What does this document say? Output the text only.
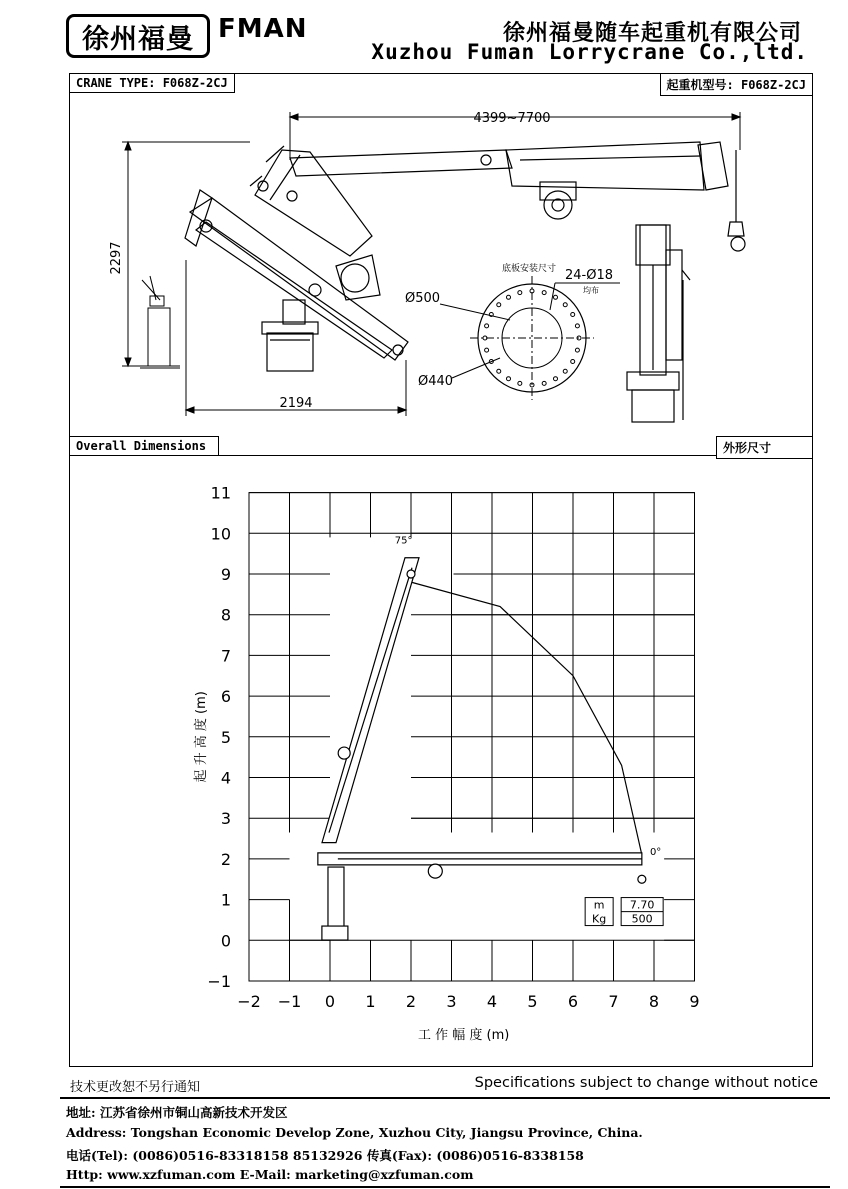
徐州福曼 FMAN	徐州福曼随车起重机有限公司
Xuzhou Fuman Lorrycrane Co.,ltd.
CRANE TYPE: F068Z-2CJ	起重机型号: F068Z-2CJ
Overall Dimensions	外形尺寸
4399~7700
2297
2194
底板安装尺寸 24-Ø18
均布
Ø500
Ø440
−2 −1 0 1 2 3 4 5 6 7 8 9
−1
0
1
2
3
4
5
6
7
8
9
10
11
工 作 幅 度 (m)
起 升 高 度 (m)
75°
0°
m
Kg
7.70
500
技术更改恕不另行通知	Specifications subject to change without notice
地址: 江苏省徐州市铜山高新技术开发区
Address: Tongshan Economic Develop Zone, Xuzhou City, Jiangsu Province, China.
电话(Tel): (0086)0516-83318158 85132926 传真(Fax): (0086)0516-8338158
Http: www.xzfuman.com E-Mail: marketing@xzfuman.com
